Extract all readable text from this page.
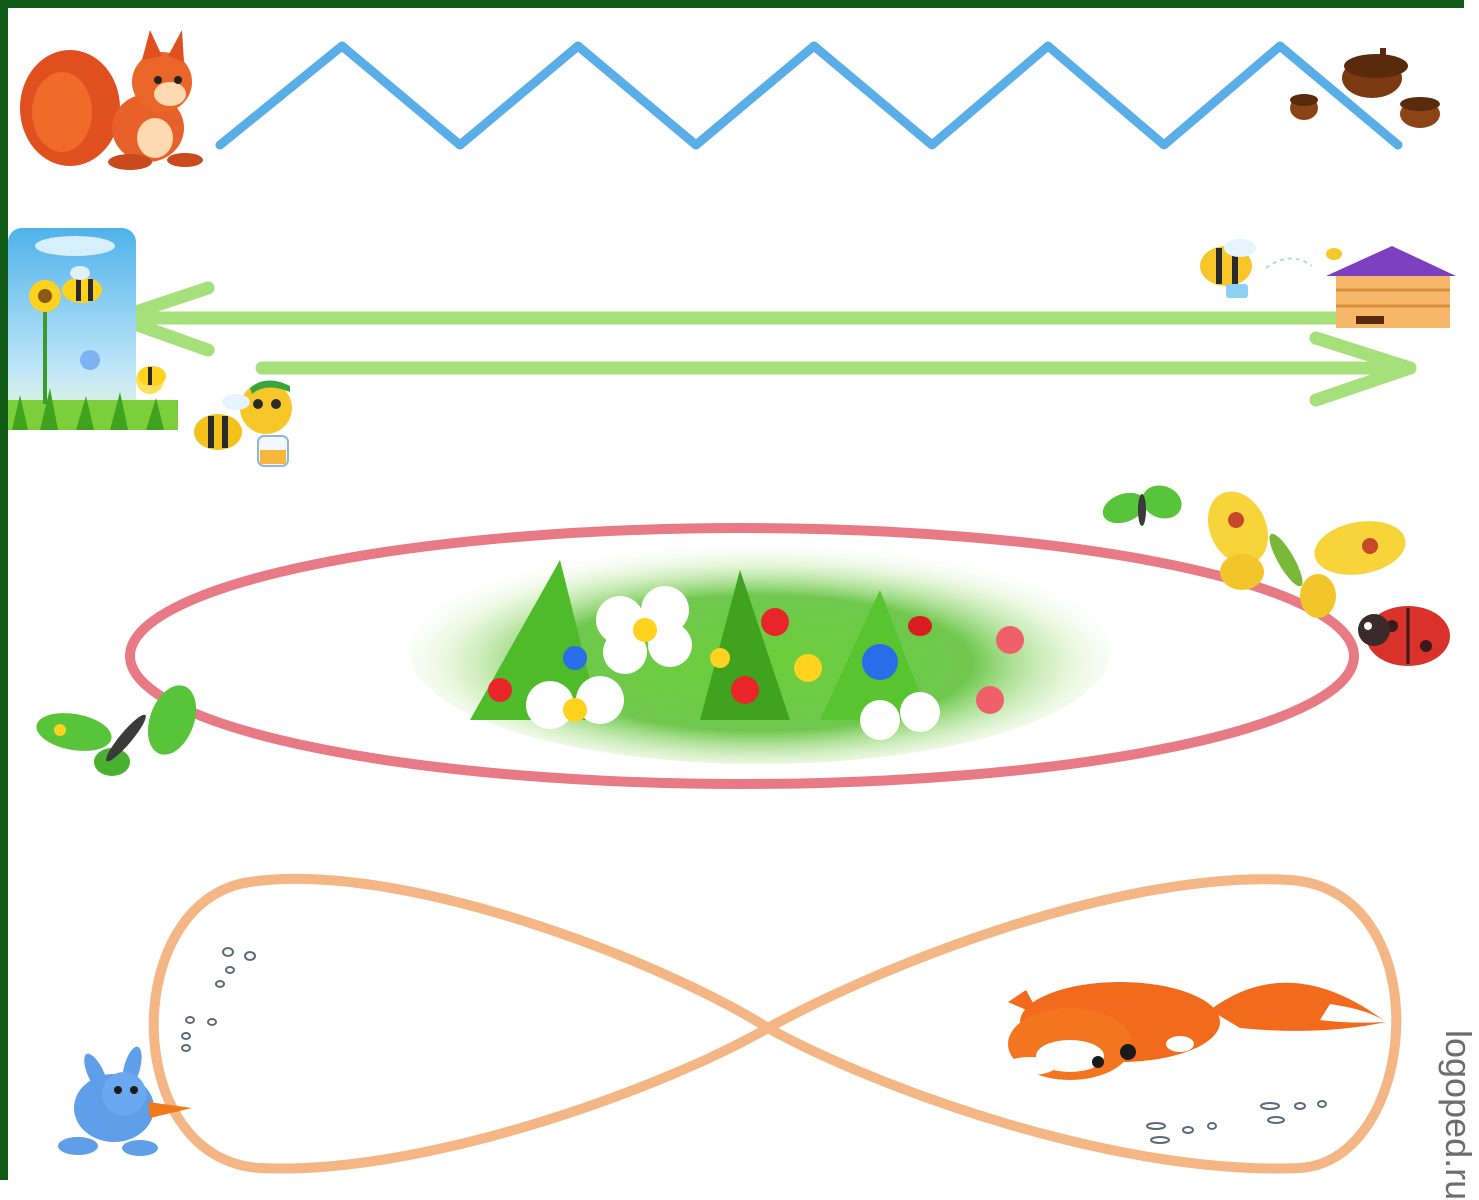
logoped.ru
